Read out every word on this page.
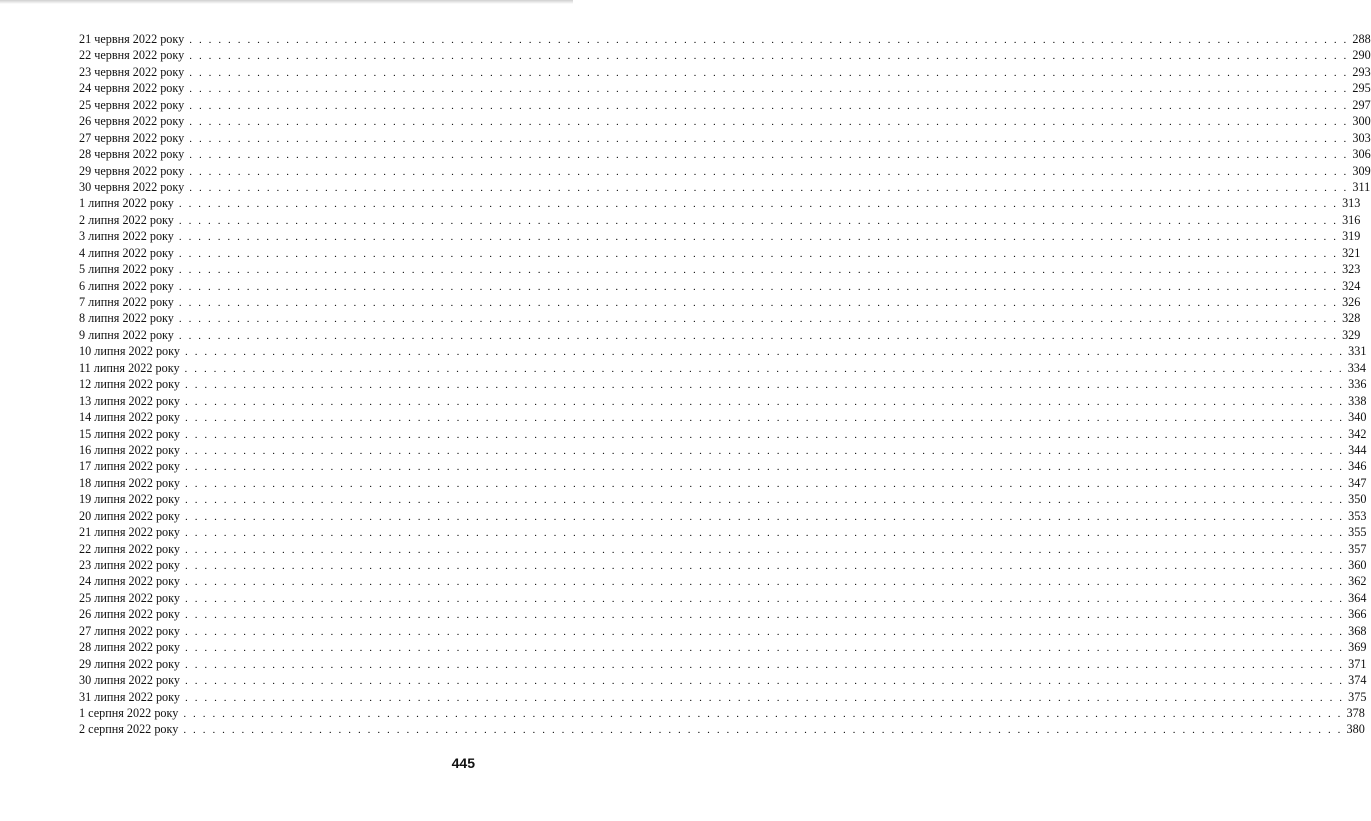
21 червня 2022 року . . . . . . . . . . . . . . . . . . . . . . . . . . . . . . . . . . . . . . . . . . . . . . . . . . . . . . . . . . . . . . . . . . . . . . . . . . . . . . . . . . . . . . . . . . . . . . . . . . . . . . . . . . . . . . . . . . . . . . . . 288
22 червня 2022 року . . . . . . . . . . . . . . . . . . . . . . . . . . . . . . . . . . . . . . . . . . . . . . . . . . . . . . . . . . . . . . . . . . . . . . . . . . . . . . . . . . . . . . . . . . . . . . . . . . . . . . . . . . . . . . . . . . . . . . . . 290
23 червня 2022 року . . . . . . . . . . . . . . . . . . . . . . . . . . . . . . . . . . . . . . . . . . . . . . . . . . . . . . . . . . . . . . . . . . . . . . . . . . . . . . . . . . . . . . . . . . . . . . . . . . . . . . . . . . . . . . . . . . . . . . . . 293
24 червня 2022 року . . . . . . . . . . . . . . . . . . . . . . . . . . . . . . . . . . . . . . . . . . . . . . . . . . . . . . . . . . . . . . . . . . . . . . . . . . . . . . . . . . . . . . . . . . . . . . . . . . . . . . . . . . . . . . . . . . . . . . . . 295
25 червня 2022 року . . . . . . . . . . . . . . . . . . . . . . . . . . . . . . . . . . . . . . . . . . . . . . . . . . . . . . . . . . . . . . . . . . . . . . . . . . . . . . . . . . . . . . . . . . . . . . . . . . . . . . . . . . . . . . . . . . . . . . . . 297
26 червня 2022 року . . . . . . . . . . . . . . . . . . . . . . . . . . . . . . . . . . . . . . . . . . . . . . . . . . . . . . . . . . . . . . . . . . . . . . . . . . . . . . . . . . . . . . . . . . . . . . . . . . . . . . . . . . . . . . . . . . . . . . . . 300
27 червня 2022 року . . . . . . . . . . . . . . . . . . . . . . . . . . . . . . . . . . . . . . . . . . . . . . . . . . . . . . . . . . . . . . . . . . . . . . . . . . . . . . . . . . . . . . . . . . . . . . . . . . . . . . . . . . . . . . . . . . . . . . . . 303
28 червня 2022 року . . . . . . . . . . . . . . . . . . . . . . . . . . . . . . . . . . . . . . . . . . . . . . . . . . . . . . . . . . . . . . . . . . . . . . . . . . . . . . . . . . . . . . . . . . . . . . . . . . . . . . . . . . . . . . . . . . . . . . . . 306
29 червня 2022 року . . . . . . . . . . . . . . . . . . . . . . . . . . . . . . . . . . . . . . . . . . . . . . . . . . . . . . . . . . . . . . . . . . . . . . . . . . . . . . . . . . . . . . . . . . . . . . . . . . . . . . . . . . . . . . . . . . . . . . . . 309
30 червня 2022 року . . . . . . . . . . . . . . . . . . . . . . . . . . . . . . . . . . . . . . . . . . . . . . . . . . . . . . . . . . . . . . . . . . . . . . . . . . . . . . . . . . . . . . . . . . . . . . . . . . . . . . . . . . . . . . . . . . . . . . . . 311
1 липня 2022 року . . . . . . . . . . . . . . . . . . . . . . . . . . . . . . . . . . . . . . . . . . . . . . . . . . . . . . . . . . . . . . . . . . . . . . . . . . . . . . . . . . . . . . . . . . . . . . . . . . . . . . . . . . . . . . . . . . . . . . . . 313
2 липня 2022 року . . . . . . . . . . . . . . . . . . . . . . . . . . . . . . . . . . . . . . . . . . . . . . . . . . . . . . . . . . . . . . . . . . . . . . . . . . . . . . . . . . . . . . . . . . . . . . . . . . . . . . . . . . . . . . . . . . . . . . . . 316
3 липня 2022 року . . . . . . . . . . . . . . . . . . . . . . . . . . . . . . . . . . . . . . . . . . . . . . . . . . . . . . . . . . . . . . . . . . . . . . . . . . . . . . . . . . . . . . . . . . . . . . . . . . . . . . . . . . . . . . . . . . . . . . . . 319
4 липня 2022 року . . . . . . . . . . . . . . . . . . . . . . . . . . . . . . . . . . . . . . . . . . . . . . . . . . . . . . . . . . . . . . . . . . . . . . . . . . . . . . . . . . . . . . . . . . . . . . . . . . . . . . . . . . . . . . . . . . . . . . . . 321
5 липня 2022 року . . . . . . . . . . . . . . . . . . . . . . . . . . . . . . . . . . . . . . . . . . . . . . . . . . . . . . . . . . . . . . . . . . . . . . . . . . . . . . . . . . . . . . . . . . . . . . . . . . . . . . . . . . . . . . . . . . . . . . . . 323
6 липня 2022 року . . . . . . . . . . . . . . . . . . . . . . . . . . . . . . . . . . . . . . . . . . . . . . . . . . . . . . . . . . . . . . . . . . . . . . . . . . . . . . . . . . . . . . . . . . . . . . . . . . . . . . . . . . . . . . . . . . . . . . . . 324
7 липня 2022 року . . . . . . . . . . . . . . . . . . . . . . . . . . . . . . . . . . . . . . . . . . . . . . . . . . . . . . . . . . . . . . . . . . . . . . . . . . . . . . . . . . . . . . . . . . . . . . . . . . . . . . . . . . . . . . . . . . . . . . . . 326
8 липня 2022 року . . . . . . . . . . . . . . . . . . . . . . . . . . . . . . . . . . . . . . . . . . . . . . . . . . . . . . . . . . . . . . . . . . . . . . . . . . . . . . . . . . . . . . . . . . . . . . . . . . . . . . . . . . . . . . . . . . . . . . . . 328
9 липня 2022 року . . . . . . . . . . . . . . . . . . . . . . . . . . . . . . . . . . . . . . . . . . . . . . . . . . . . . . . . . . . . . . . . . . . . . . . . . . . . . . . . . . . . . . . . . . . . . . . . . . . . . . . . . . . . . . . . . . . . . . . . 329
10 липня 2022 року . . . . . . . . . . . . . . . . . . . . . . . . . . . . . . . . . . . . . . . . . . . . . . . . . . . . . . . . . . . . . . . . . . . . . . . . . . . . . . . . . . . . . . . . . . . . . . . . . . . . . . . . . . . . . . . . . . . . . . . . 331
11 липня 2022 року . . . . . . . . . . . . . . . . . . . . . . . . . . . . . . . . . . . . . . . . . . . . . . . . . . . . . . . . . . . . . . . . . . . . . . . . . . . . . . . . . . . . . . . . . . . . . . . . . . . . . . . . . . . . . . . . . . . . . . . . 334
12 липня 2022 року . . . . . . . . . . . . . . . . . . . . . . . . . . . . . . . . . . . . . . . . . . . . . . . . . . . . . . . . . . . . . . . . . . . . . . . . . . . . . . . . . . . . . . . . . . . . . . . . . . . . . . . . . . . . . . . . . . . . . . . . 336
13 липня 2022 року . . . . . . . . . . . . . . . . . . . . . . . . . . . . . . . . . . . . . . . . . . . . . . . . . . . . . . . . . . . . . . . . . . . . . . . . . . . . . . . . . . . . . . . . . . . . . . . . . . . . . . . . . . . . . . . . . . . . . . . . 338
14 липня 2022 року . . . . . . . . . . . . . . . . . . . . . . . . . . . . . . . . . . . . . . . . . . . . . . . . . . . . . . . . . . . . . . . . . . . . . . . . . . . . . . . . . . . . . . . . . . . . . . . . . . . . . . . . . . . . . . . . . . . . . . . . 340
15 липня 2022 року . . . . . . . . . . . . . . . . . . . . . . . . . . . . . . . . . . . . . . . . . . . . . . . . . . . . . . . . . . . . . . . . . . . . . . . . . . . . . . . . . . . . . . . . . . . . . . . . . . . . . . . . . . . . . . . . . . . . . . . . 342
16 липня 2022 року . . . . . . . . . . . . . . . . . . . . . . . . . . . . . . . . . . . . . . . . . . . . . . . . . . . . . . . . . . . . . . . . . . . . . . . . . . . . . . . . . . . . . . . . . . . . . . . . . . . . . . . . . . . . . . . . . . . . . . . . 344
17 липня 2022 року . . . . . . . . . . . . . . . . . . . . . . . . . . . . . . . . . . . . . . . . . . . . . . . . . . . . . . . . . . . . . . . . . . . . . . . . . . . . . . . . . . . . . . . . . . . . . . . . . . . . . . . . . . . . . . . . . . . . . . . . 346
18 липня 2022 року . . . . . . . . . . . . . . . . . . . . . . . . . . . . . . . . . . . . . . . . . . . . . . . . . . . . . . . . . . . . . . . . . . . . . . . . . . . . . . . . . . . . . . . . . . . . . . . . . . . . . . . . . . . . . . . . . . . . . . . . 347
19 липня 2022 року . . . . . . . . . . . . . . . . . . . . . . . . . . . . . . . . . . . . . . . . . . . . . . . . . . . . . . . . . . . . . . . . . . . . . . . . . . . . . . . . . . . . . . . . . . . . . . . . . . . . . . . . . . . . . . . . . . . . . . . . 350
20 липня 2022 року . . . . . . . . . . . . . . . . . . . . . . . . . . . . . . . . . . . . . . . . . . . . . . . . . . . . . . . . . . . . . . . . . . . . . . . . . . . . . . . . . . . . . . . . . . . . . . . . . . . . . . . . . . . . . . . . . . . . . . . . 353
21 липня 2022 року . . . . . . . . . . . . . . . . . . . . . . . . . . . . . . . . . . . . . . . . . . . . . . . . . . . . . . . . . . . . . . . . . . . . . . . . . . . . . . . . . . . . . . . . . . . . . . . . . . . . . . . . . . . . . . . . . . . . . . . . 355
22 липня 2022 року . . . . . . . . . . . . . . . . . . . . . . . . . . . . . . . . . . . . . . . . . . . . . . . . . . . . . . . . . . . . . . . . . . . . . . . . . . . . . . . . . . . . . . . . . . . . . . . . . . . . . . . . . . . . . . . . . . . . . . . . 357
23 липня 2022 року . . . . . . . . . . . . . . . . . . . . . . . . . . . . . . . . . . . . . . . . . . . . . . . . . . . . . . . . . . . . . . . . . . . . . . . . . . . . . . . . . . . . . . . . . . . . . . . . . . . . . . . . . . . . . . . . . . . . . . . . 360
24 липня 2022 року . . . . . . . . . . . . . . . . . . . . . . . . . . . . . . . . . . . . . . . . . . . . . . . . . . . . . . . . . . . . . . . . . . . . . . . . . . . . . . . . . . . . . . . . . . . . . . . . . . . . . . . . . . . . . . . . . . . . . . . . 362
25 липня 2022 року . . . . . . . . . . . . . . . . . . . . . . . . . . . . . . . . . . . . . . . . . . . . . . . . . . . . . . . . . . . . . . . . . . . . . . . . . . . . . . . . . . . . . . . . . . . . . . . . . . . . . . . . . . . . . . . . . . . . . . . . 364
26 липня 2022 року . . . . . . . . . . . . . . . . . . . . . . . . . . . . . . . . . . . . . . . . . . . . . . . . . . . . . . . . . . . . . . . . . . . . . . . . . . . . . . . . . . . . . . . . . . . . . . . . . . . . . . . . . . . . . . . . . . . . . . . . 366
27 липня 2022 року . . . . . . . . . . . . . . . . . . . . . . . . . . . . . . . . . . . . . . . . . . . . . . . . . . . . . . . . . . . . . . . . . . . . . . . . . . . . . . . . . . . . . . . . . . . . . . . . . . . . . . . . . . . . . . . . . . . . . . . . 368
28 липня 2022 року . . . . . . . . . . . . . . . . . . . . . . . . . . . . . . . . . . . . . . . . . . . . . . . . . . . . . . . . . . . . . . . . . . . . . . . . . . . . . . . . . . . . . . . . . . . . . . . . . . . . . . . . . . . . . . . . . . . . . . . . 369
29 липня 2022 року . . . . . . . . . . . . . . . . . . . . . . . . . . . . . . . . . . . . . . . . . . . . . . . . . . . . . . . . . . . . . . . . . . . . . . . . . . . . . . . . . . . . . . . . . . . . . . . . . . . . . . . . . . . . . . . . . . . . . . . . 371
30 липня 2022 року . . . . . . . . . . . . . . . . . . . . . . . . . . . . . . . . . . . . . . . . . . . . . . . . . . . . . . . . . . . . . . . . . . . . . . . . . . . . . . . . . . . . . . . . . . . . . . . . . . . . . . . . . . . . . . . . . . . . . . . . 374
31 липня 2022 року . . . . . . . . . . . . . . . . . . . . . . . . . . . . . . . . . . . . . . . . . . . . . . . . . . . . . . . . . . . . . . . . . . . . . . . . . . . . . . . . . . . . . . . . . . . . . . . . . . . . . . . . . . . . . . . . . . . . . . . . 375
1 серпня 2022 року . . . . . . . . . . . . . . . . . . . . . . . . . . . . . . . . . . . . . . . . . . . . . . . . . . . . . . . . . . . . . . . . . . . . . . . . . . . . . . . . . . . . . . . . . . . . . . . . . . . . . . . . . . . . . . . . . . . . . . . . 378
2 серпня 2022 року . . . . . . . . . . . . . . . . . . . . . . . . . . . . . . . . . . . . . . . . . . . . . . . . . . . . . . . . . . . . . . . . . . . . . . . . . . . . . . . . . . . . . . . . . . . . . . . . . . . . . . . . . . . . . . . . . . . . . . . . 380
445
